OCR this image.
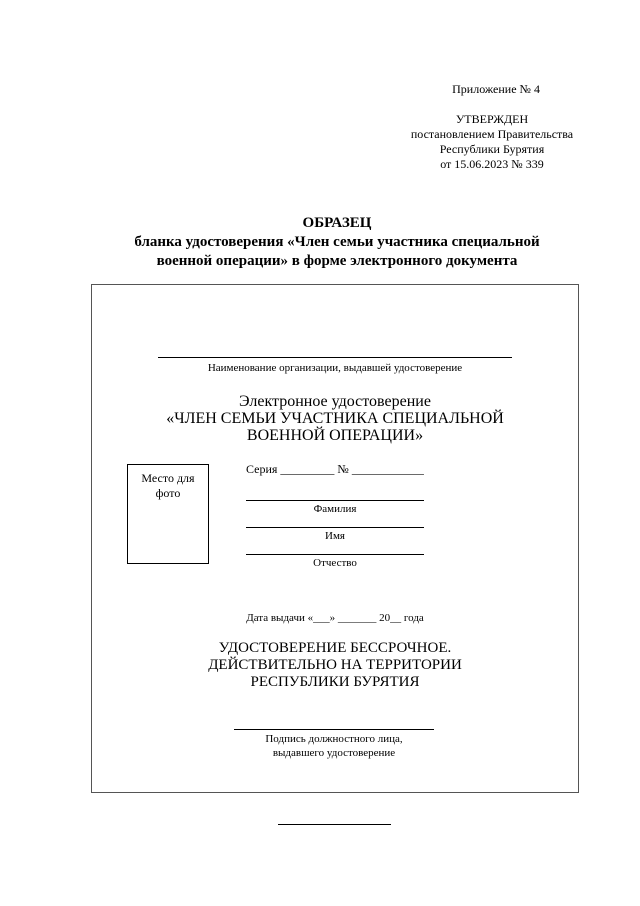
Приложение № 4
УТВЕРЖДЕН
постановлением Правительства
Республики Бурятия
от 15.06.2023 № 339
ОБРАЗЕЦ
бланка удостоверения «Член семьи участника специальной
военной операции» в форме электронного документа
Наименование организации, выдавшей удостоверение
Электронное удостоверение
«ЧЛЕН СЕМЬИ УЧАСТНИКА СПЕЦИАЛЬНОЙ
ВОЕННОЙ ОПЕРАЦИИ»
Место для
фото
Серия _________ № ____________
Фамилия
Имя
Отчество
Дата выдачи «___» _______ 20__ года
УДОСТОВЕРЕНИЕ БЕССРОЧНОЕ.
ДЕЙСТВИТЕЛЬНО НА ТЕРРИТОРИИ
РЕСПУБЛИКИ БУРЯТИЯ
Подпись должностного лица,
выдавшего удостоверение
